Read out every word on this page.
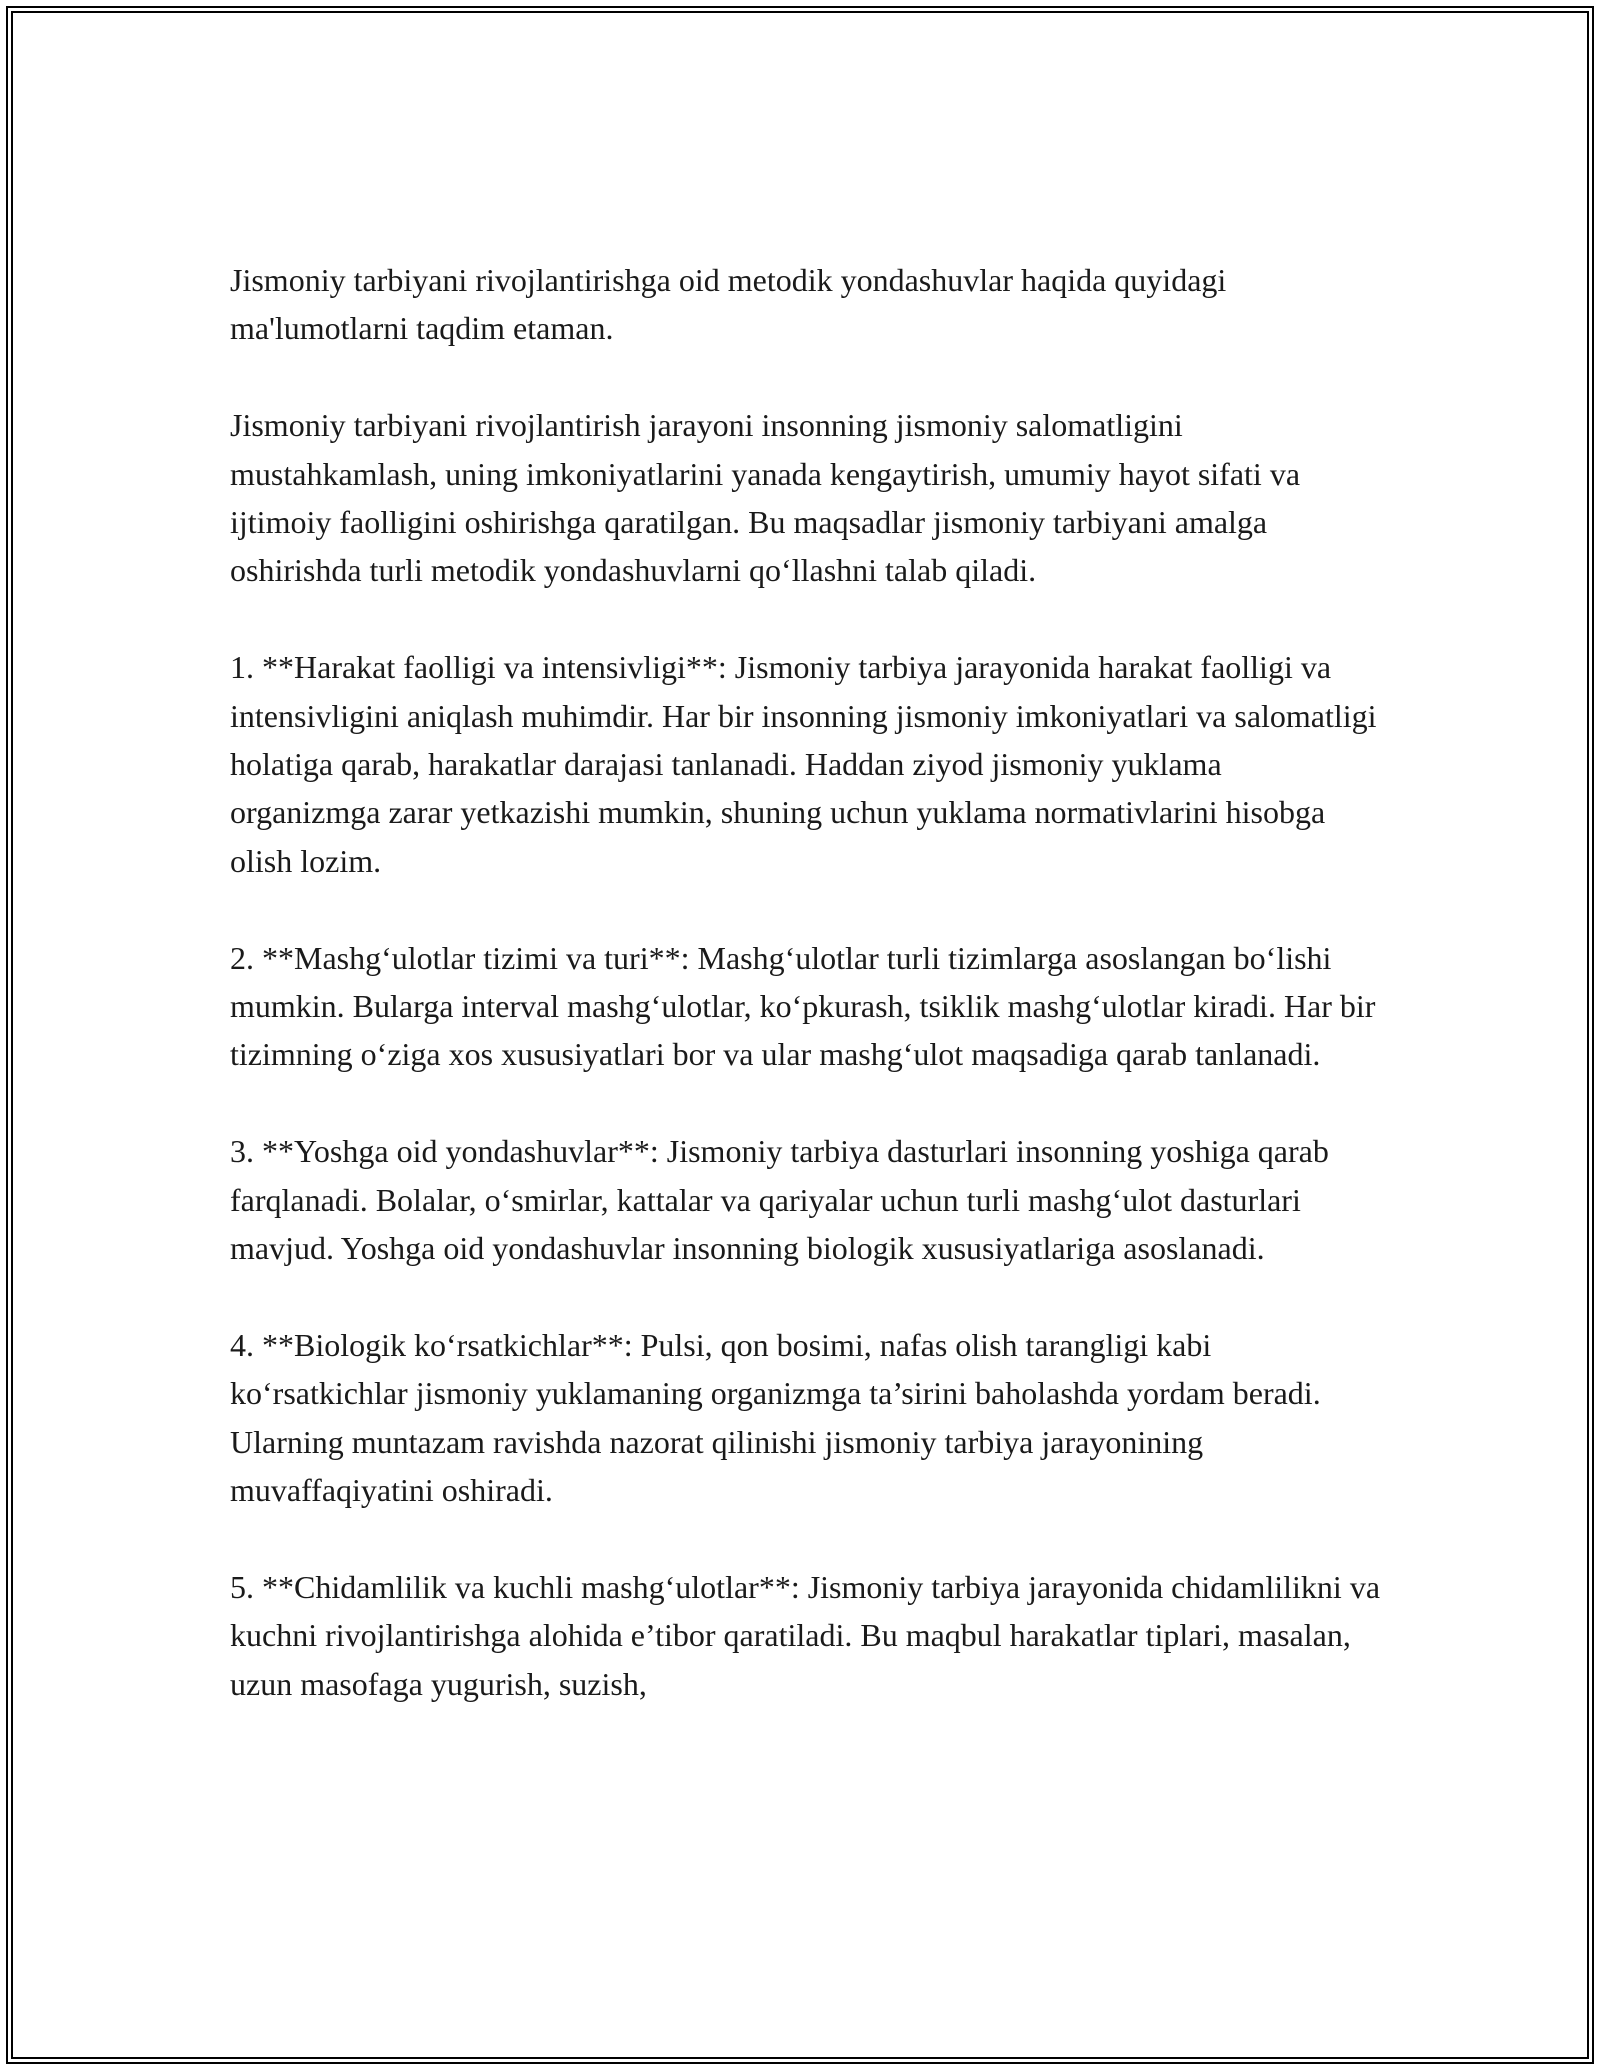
Jismoniy tarbiyani rivojlantirishga oid metodik yondashuvlar haqida quyidagi ma'lumotlarni taqdim etaman.

Jismoniy tarbiyani rivojlantirish jarayoni insonning jismoniy salomatligini mustahkamlash, uning imkoniyatlarini yanada kengaytirish, umumiy hayot sifati va ijtimoiy faolligini oshirishga qaratilgan. Bu maqsadlar jismoniy tarbiyani amalga oshirishda turli metodik yondashuvlarni qo‘llashni talab qiladi.

1. **Harakat faolligi va intensivligi**: Jismoniy tarbiya jarayonida harakat faolligi va intensivligini aniqlash muhimdir. Har bir insonning jismoniy imkoniyatlari va salomatligi holatiga qarab, harakatlar darajasi tanlanadi. Haddan ziyod jismoniy yuklama organizmga zarar yetkazishi mumkin, shuning uchun yuklama normativlarini hisobga olish lozim.

2. **Mashg‘ulotlar tizimi va turi**: Mashg‘ulotlar turli tizimlarga asoslangan bo‘lishi mumkin. Bularga interval mashg‘ulotlar, ko‘pkurash, tsiklik mashg‘ulotlar kiradi. Har bir tizimning o‘ziga xos xususiyatlari bor va ular mashg‘ulot maqsadiga qarab tanlanadi.

3. **Yoshga oid yondashuvlar**: Jismoniy tarbiya dasturlari insonning yoshiga qarab farqlanadi. Bolalar, o‘smirlar, kattalar va qariyalar uchun turli mashg‘ulot dasturlari mavjud. Yoshga oid yondashuvlar insonning biologik xususiyatlariga asoslanadi.

4. **Biologik ko‘rsatkichlar**: Pulsi, qon bosimi, nafas olish tarangligi kabi ko‘rsatkichlar jismoniy yuklamaning organizmga ta’sirini baholashda yordam beradi. Ularning muntazam ravishda nazorat qilinishi jismoniy tarbiya jarayonining muvaffaqiyatini oshiradi.

5. **Chidamlilik va kuchli mashg‘ulotlar**: Jismoniy tarbiya jarayonida chidamlilikni va kuchni rivojlantirishga alohida e’tibor qaratiladi. Bu maqbul harakatlar tiplari, masalan, uzun masofaga yugurish, suzish,
